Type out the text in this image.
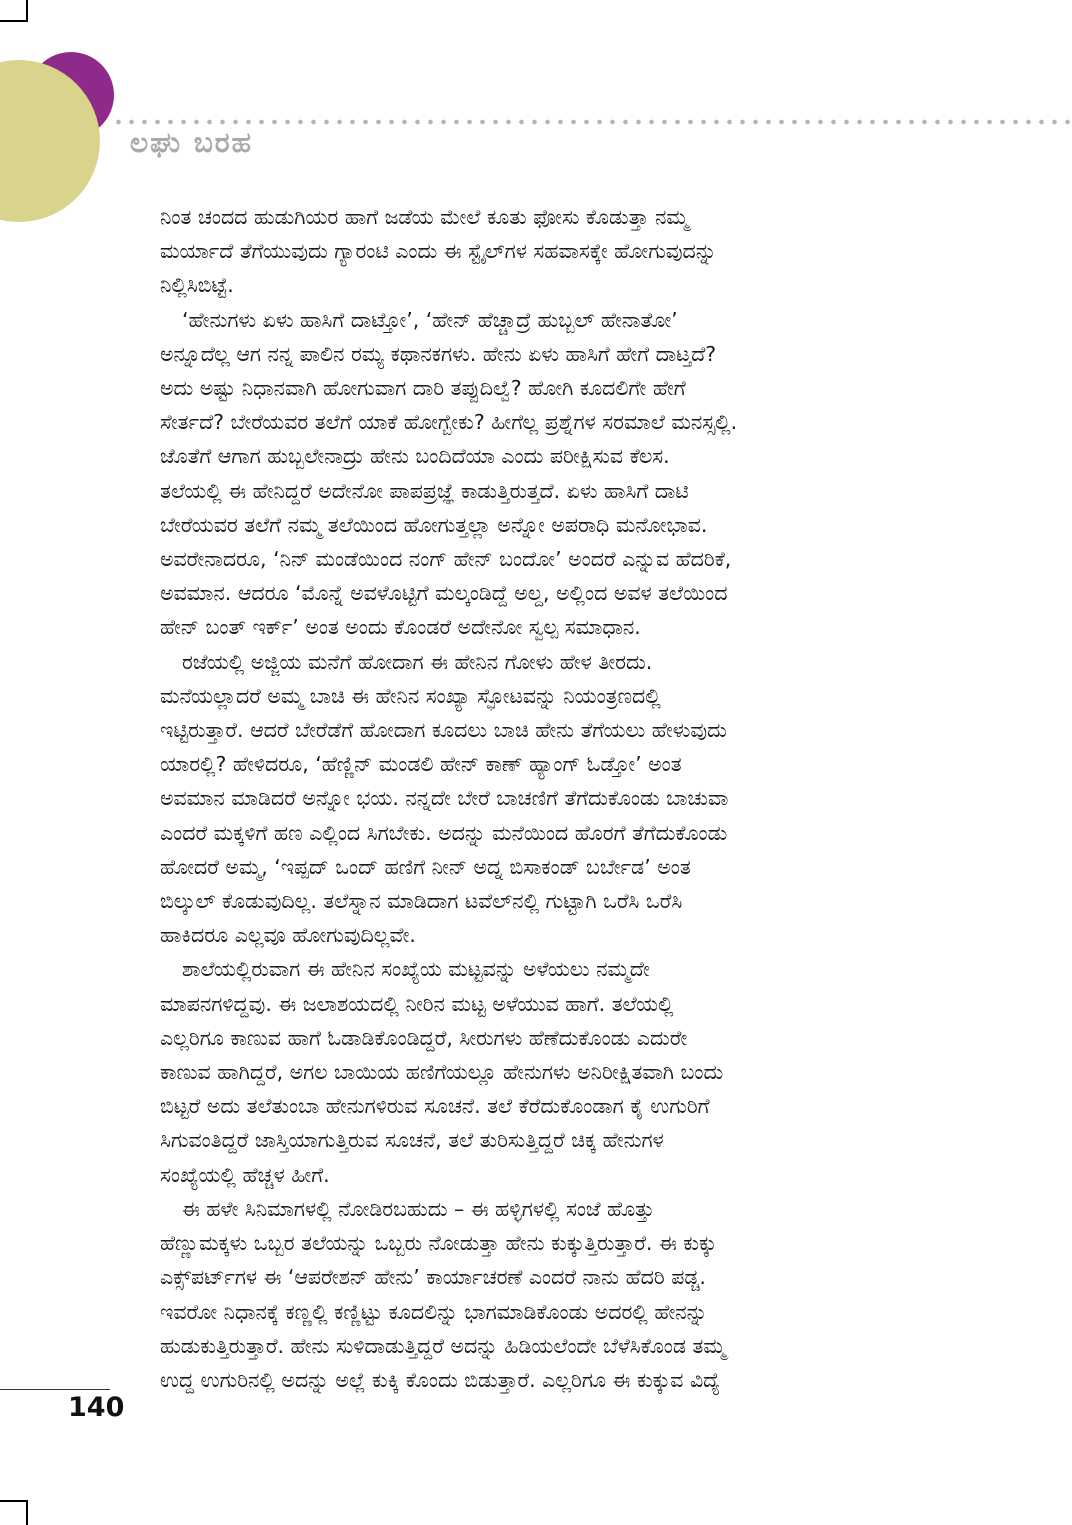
ಲಘು ಬರಹ

ನಿಂತ ಚಂದದ ಹುಡುಗಿಯರ ಹಾಗೆ ಜಡೆಯ ಮೇಲೆ ಕೂತು ಫೋಸು ಕೊಡುತ್ತಾ ನಮ್ಮ
ಮರ್ಯಾದೆ ತೆಗೆಯುವುದು ಗ್ಯಾರಂಟಿ ಎಂದು ಈ ಸ್ಟೈಲ್‌ಗಳ ಸಹವಾಸಕ್ಕೇ ಹೋಗುವುದನ್ನು
ನಿಲ್ಲಿಸಿಬಿಟ್ಟೆ.

‘ಹೇನುಗಳು ಏಳು ಹಾಸಿಗೆ ದಾಟ್ತೋ’, ‘ಹೇನ್ ಹೆಚ್ಚಾದ್ರೆ ಹುಬ್ಬಲ್ ಹೇನಾತೋ’
ಅನ್ನೂದೆಲ್ಲ ಆಗ ನನ್ನ ಪಾಲಿನ ರಮ್ಯ ಕಥಾನಕಗಳು. ಹೇನು ಏಳು ಹಾಸಿಗೆ ಹೇಗೆ ದಾಟ್ತದೆ?
ಅದು ಅಷ್ಟು ನಿಧಾನವಾಗಿ ಹೋಗುವಾಗ ದಾರಿ ತಪ್ಪುದಿಲ್ವೆ? ಹೋಗಿ ಕೂದಲಿಗೇ ಹೇಗೆ
ಸೇರ್ತದೆ? ಬೇರೆಯವರ ತಲೆಗೆ ಯಾಕೆ ಹೋಗ್ಬೇಕು? ಹೀಗೆಲ್ಲ ಪ್ರಶ್ನೆಗಳ ಸರಮಾಲೆ ಮನಸ್ಸಲ್ಲಿ.
ಜೊತೆಗೆ ಆಗಾಗ ಹುಬ್ಬಲೇನಾದ್ರು ಹೇನು ಬಂದಿದೆಯಾ ಎಂದು ಪರೀಕ್ಷಿಸುವ ಕೆಲಸ.
ತಲೆಯಲ್ಲಿ ಈ ಹೇನಿದ್ದರೆ ಅದೇನೋ ಪಾಪಪ್ರಜ್ಞೆ ಕಾಡುತ್ತಿರುತ್ತದೆ. ಏಳು ಹಾಸಿಗೆ ದಾಟಿ
ಬೇರೆಯವರ ತಲೆಗೆ ನಮ್ಮ ತಲೆಯಿಂದ ಹೋಗುತ್ತಲ್ಲಾ ಅನ್ನೋ ಅಪರಾಧಿ ಮನೋಭಾವ.
ಅವರೇನಾದರೂ, ‘ನಿನ್ ಮಂಡೆಯಿಂದ ನಂಗ್ ಹೇನ್ ಬಂದೋ’ ಅಂದರೆ ಎನ್ನುವ ಹೆದರಿಕೆ,
ಅವಮಾನ. ಆದರೂ ‘ಮೊನ್ನೆ ಅವಳೊಟ್ಟಿಗೆ ಮಲ್ಕಂಡಿದ್ದೆ ಅಲ್ದ, ಅಲ್ಲಿಂದ ಅವಳ ತಲೆಯಿಂದ
ಹೇನ್ ಬಂತ್ ಇರ್ಕ್’ ಅಂತ ಅಂದು ಕೊಂಡರೆ ಅದೇನೋ ಸ್ವಲ್ಪ ಸಮಾಧಾನ.

ರಜೆಯಲ್ಲಿ ಅಜ್ಜಿಯ ಮನೆಗೆ ಹೋದಾಗ ಈ ಹೇನಿನ ಗೋಳು ಹೇಳ ತೀರದು.
ಮನೆಯಲ್ಲಾದರೆ ಅಮ್ಮ ಬಾಚಿ ಈ ಹೇನಿನ ಸಂಖ್ಯಾ ಸ್ಫೋಟವನ್ನು ನಿಯಂತ್ರಣದಲ್ಲಿ
ಇಟ್ಟಿರುತ್ತಾರೆ. ಆದರೆ ಬೇರೆಡೆಗೆ ಹೋದಾಗ ಕೂದಲು ಬಾಚಿ ಹೇನು ತೆಗೆಯಲು ಹೇಳುವುದು
ಯಾರಲ್ಲಿ? ಹೇಳಿದರೂ, ‘ಹೆಣ್ಣಿನ್ ಮಂಡಲಿ ಹೇನ್ ಕಾಣ್ ಹ್ಯಾಂಗ್ ಓಡ್ತೋ’ ಅಂತ
ಅವಮಾನ ಮಾಡಿದರೆ ಅನ್ನೋ ಭಯ. ನನ್ನದೇ ಬೇರೆ ಬಾಚಣಿಗೆ ತೆಗೆದುಕೊಂಡು ಬಾಚುವಾ
ಎಂದರೆ ಮಕ್ಕಳಿಗೆ ಹಣ ಎಲ್ಲಿಂದ ಸಿಗಬೇಕು. ಅದನ್ನು ಮನೆಯಿಂದ ಹೊರಗೆ ತೆಗೆದುಕೊಂಡು
ಹೋದರೆ ಅಮ್ಮ, ‘ಇಪ್ಪದ್ ಒಂದ್ ಹಣಿಗೆ ನೀನ್ ಅದ್ನ ಬಿಸಾಕಂಡ್ ಬರ್ಬೇಡ’ ಅಂತ
ಬಿಲ್ಕುಲ್ ಕೊಡುವುದಿಲ್ಲ. ತಲೆಸ್ನಾನ ಮಾಡಿದಾಗ ಟವೆಲ್‌ನಲ್ಲಿ ಗುಟ್ಟಾಗಿ ಒರೆಸಿ ಒರೆಸಿ
ಹಾಕಿದರೂ ಎಲ್ಲವೂ ಹೋಗುವುದಿಲ್ಲವೇ.

ಶಾಲೆಯಲ್ಲಿರುವಾಗ ಈ ಹೇನಿನ ಸಂಖ್ಯೆಯ ಮಟ್ಟವನ್ನು ಅಳೆಯಲು ನಮ್ಮದೇ
ಮಾಪನಗಳಿದ್ದವು. ಈ ಜಲಾಶಯದಲ್ಲಿ ನೀರಿನ ಮಟ್ಟ ಅಳೆಯುವ ಹಾಗೆ. ತಲೆಯಲ್ಲಿ
ಎಲ್ಲರಿಗೂ ಕಾಣುವ ಹಾಗೆ ಓಡಾಡಿಕೊಂಡಿದ್ದರೆ, ಸೀರುಗಳು ಹೆಣೆದುಕೊಂಡು ಎದುರೇ
ಕಾಣುವ ಹಾಗಿದ್ದರೆ, ಅಗಲ ಬಾಯಿಯ ಹಣಿಗೆಯಲ್ಲೂ ಹೇನುಗಳು ಅನಿರೀಕ್ಷಿತವಾಗಿ ಬಂದು
ಬಿಟ್ಟರೆ ಅದು ತಲೆತುಂಬಾ ಹೇನುಗಳಿರುವ ಸೂಚನೆ. ತಲೆ ಕೆರೆದುಕೊಂಡಾಗ ಕೈ ಉಗುರಿಗೆ
ಸಿಗುವಂತಿದ್ದರೆ ಜಾಸ್ತಿಯಾಗುತ್ತಿರುವ ಸೂಚನೆ, ತಲೆ ತುರಿಸುತ್ತಿದ್ದರೆ ಚಿಕ್ಕ ಹೇನುಗಳ
ಸಂಖ್ಯೆಯಲ್ಲಿ ಹೆಚ್ಚಳ ಹೀಗೆ.

ಈ ಹಳೇ ಸಿನಿಮಾಗಳಲ್ಲಿ ನೋಡಿರಬಹುದು – ಈ ಹಳ್ಳಿಗಳಲ್ಲಿ ಸಂಜೆ ಹೊತ್ತು
ಹೆಣ್ಣುಮಕ್ಕಳು ಒಬ್ಬರ ತಲೆಯನ್ನು ಒಬ್ಬರು ನೋಡುತ್ತಾ ಹೇನು ಕುಕ್ಕುತ್ತಿರುತ್ತಾರೆ. ಈ ಕುಕ್ಕು
ಎಕ್ಸ್‌ಪರ್ಟ್‌ಗಳ ಈ ‘ಆಪರೇಶನ್ ಹೇನು’ ಕಾರ್ಯಾಚರಣೆ ಎಂದರೆ ನಾನು ಹೆದರಿ ಪಡ್ಚ.
ಇವರೋ ನಿಧಾನಕ್ಕೆ ಕಣ್ಣಲ್ಲಿ ಕಣ್ಣಿಟ್ಟು ಕೂದಲಿನ್ನು ಭಾಗಮಾಡಿಕೊಂಡು ಅದರಲ್ಲಿ ಹೇನನ್ನು
ಹುಡುಕುತ್ತಿರುತ್ತಾರೆ. ಹೇನು ಸುಳಿದಾಡುತ್ತಿದ್ದರೆ ಅದನ್ನು ಹಿಡಿಯಲೆಂದೇ ಬೆಳೆಸಿಕೊಂಡ ತಮ್ಮ
ಉದ್ದ ಉಗುರಿನಲ್ಲಿ ಅದನ್ನು ಅಲ್ಲೆ ಕುಕ್ಕಿ ಕೊಂದು ಬಿಡುತ್ತಾರೆ. ಎಲ್ಲರಿಗೂ ಈ ಕುಕ್ಕುವ ವಿದ್ಯೆ

140
